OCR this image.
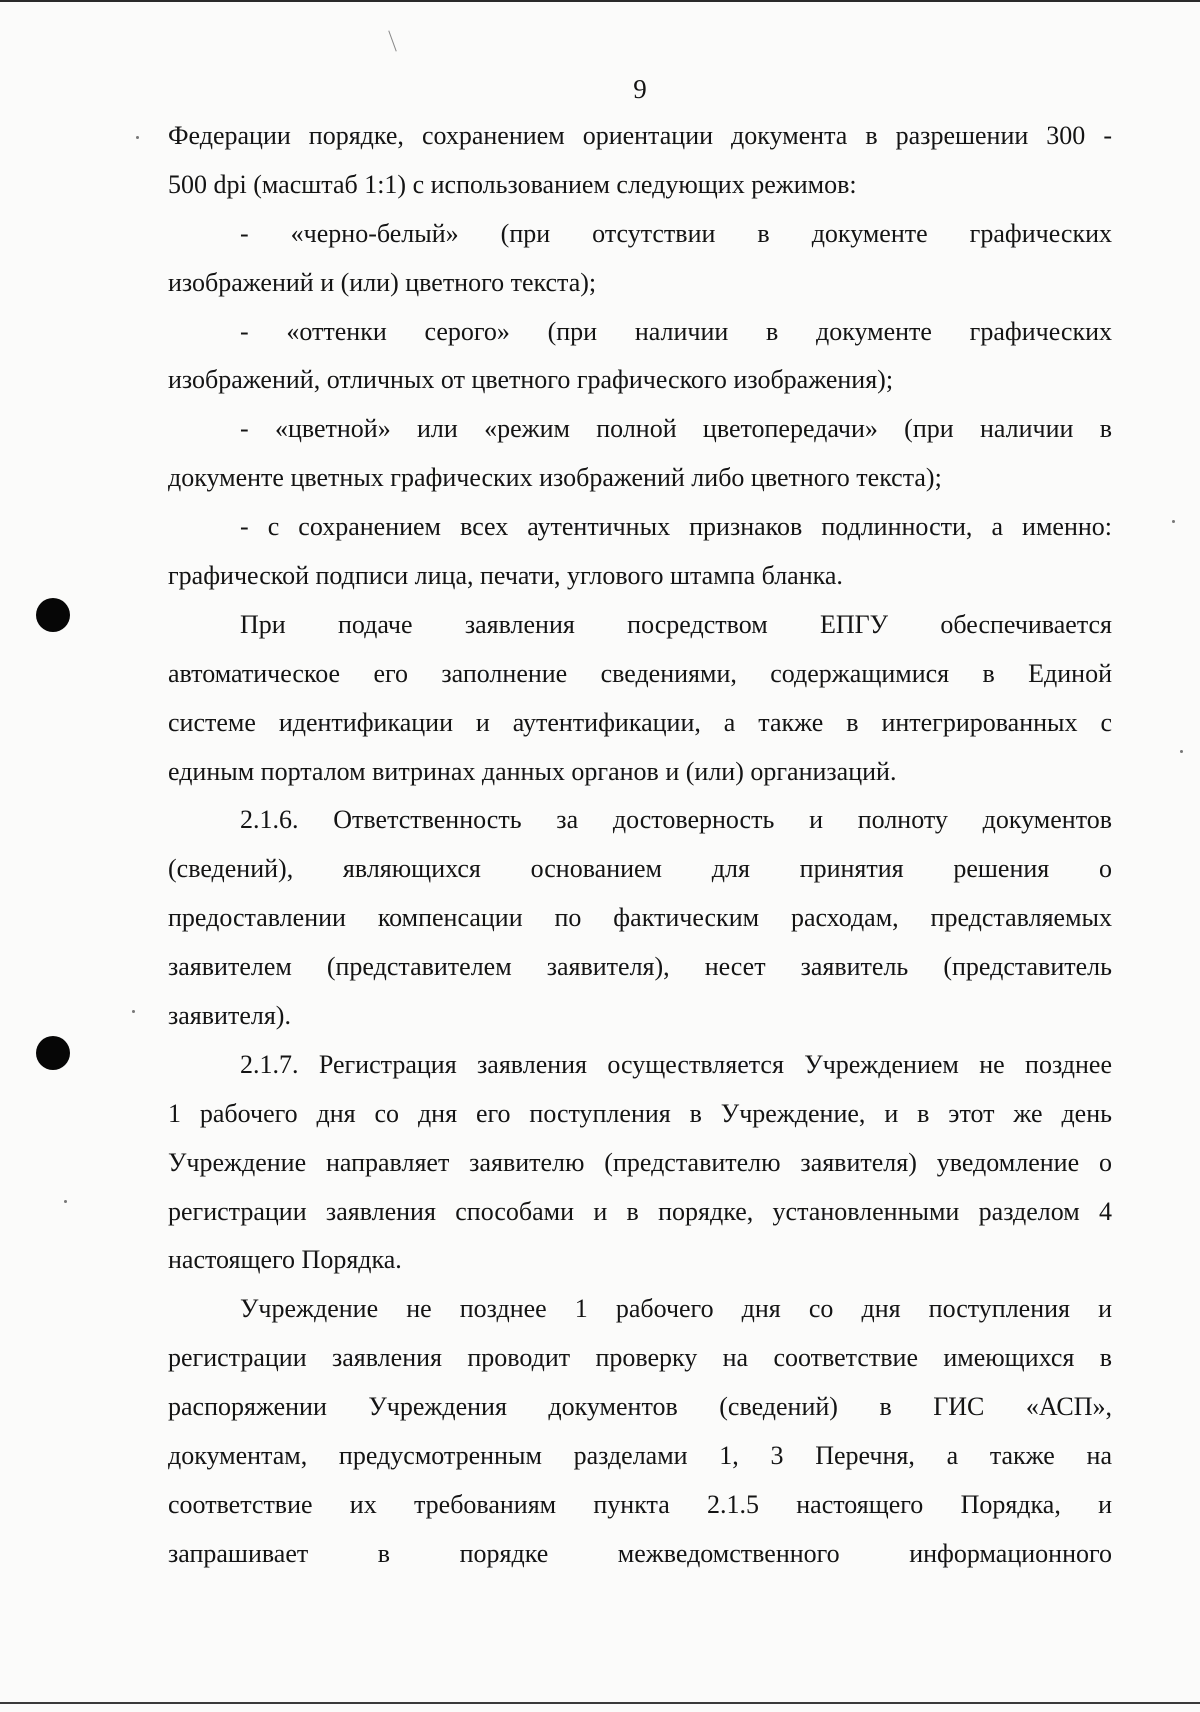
9
Федерации порядке, сохранением ориентации документа в разрешении 300 -
500 dpi (масштаб 1:1) с использованием следующих режимов:
- «черно-белый» (при отсутствии в документе графических
изображений и (или) цветного текста);
- «оттенки серого» (при наличии в документе графических
изображений, отличных от цветного графического изображения);
- «цветной» или «режим полной цветопередачи» (при наличии в
документе цветных графических изображений либо цветного текста);
- с сохранением всех аутентичных признаков подлинности, а именно:
графической подписи лица, печати, углового штампа бланка.
При подаче заявления посредством ЕПГУ обеспечивается
автоматическое его заполнение сведениями, содержащимися в Единой
системе идентификации и аутентификации, а также в интегрированных с
единым порталом витринах данных органов и (или) организаций.
2.1.6. Ответственность за достоверность и полноту документов
(сведений), являющихся основанием для принятия решения о
предоставлении компенсации по фактическим расходам, представляемых
заявителем (представителем заявителя), несет заявитель (представитель
заявителя).
2.1.7. Регистрация заявления осуществляется Учреждением не позднее
1 рабочего дня со дня его поступления в Учреждение, и в этот же день
Учреждение направляет заявителю (представителю заявителя) уведомление о
регистрации заявления способами и в порядке, установленными разделом 4
настоящего Порядка.
Учреждение не позднее 1 рабочего дня со дня поступления и
регистрации заявления проводит проверку на соответствие имеющихся в
распоряжении Учреждения документов (сведений) в ГИС «АСП»,
документам, предусмотренным разделами 1, 3 Перечня, а также на
соответствие их требованиям пункта 2.1.5 настоящего Порядка, и
запрашивает в порядке межведомственного информационного
